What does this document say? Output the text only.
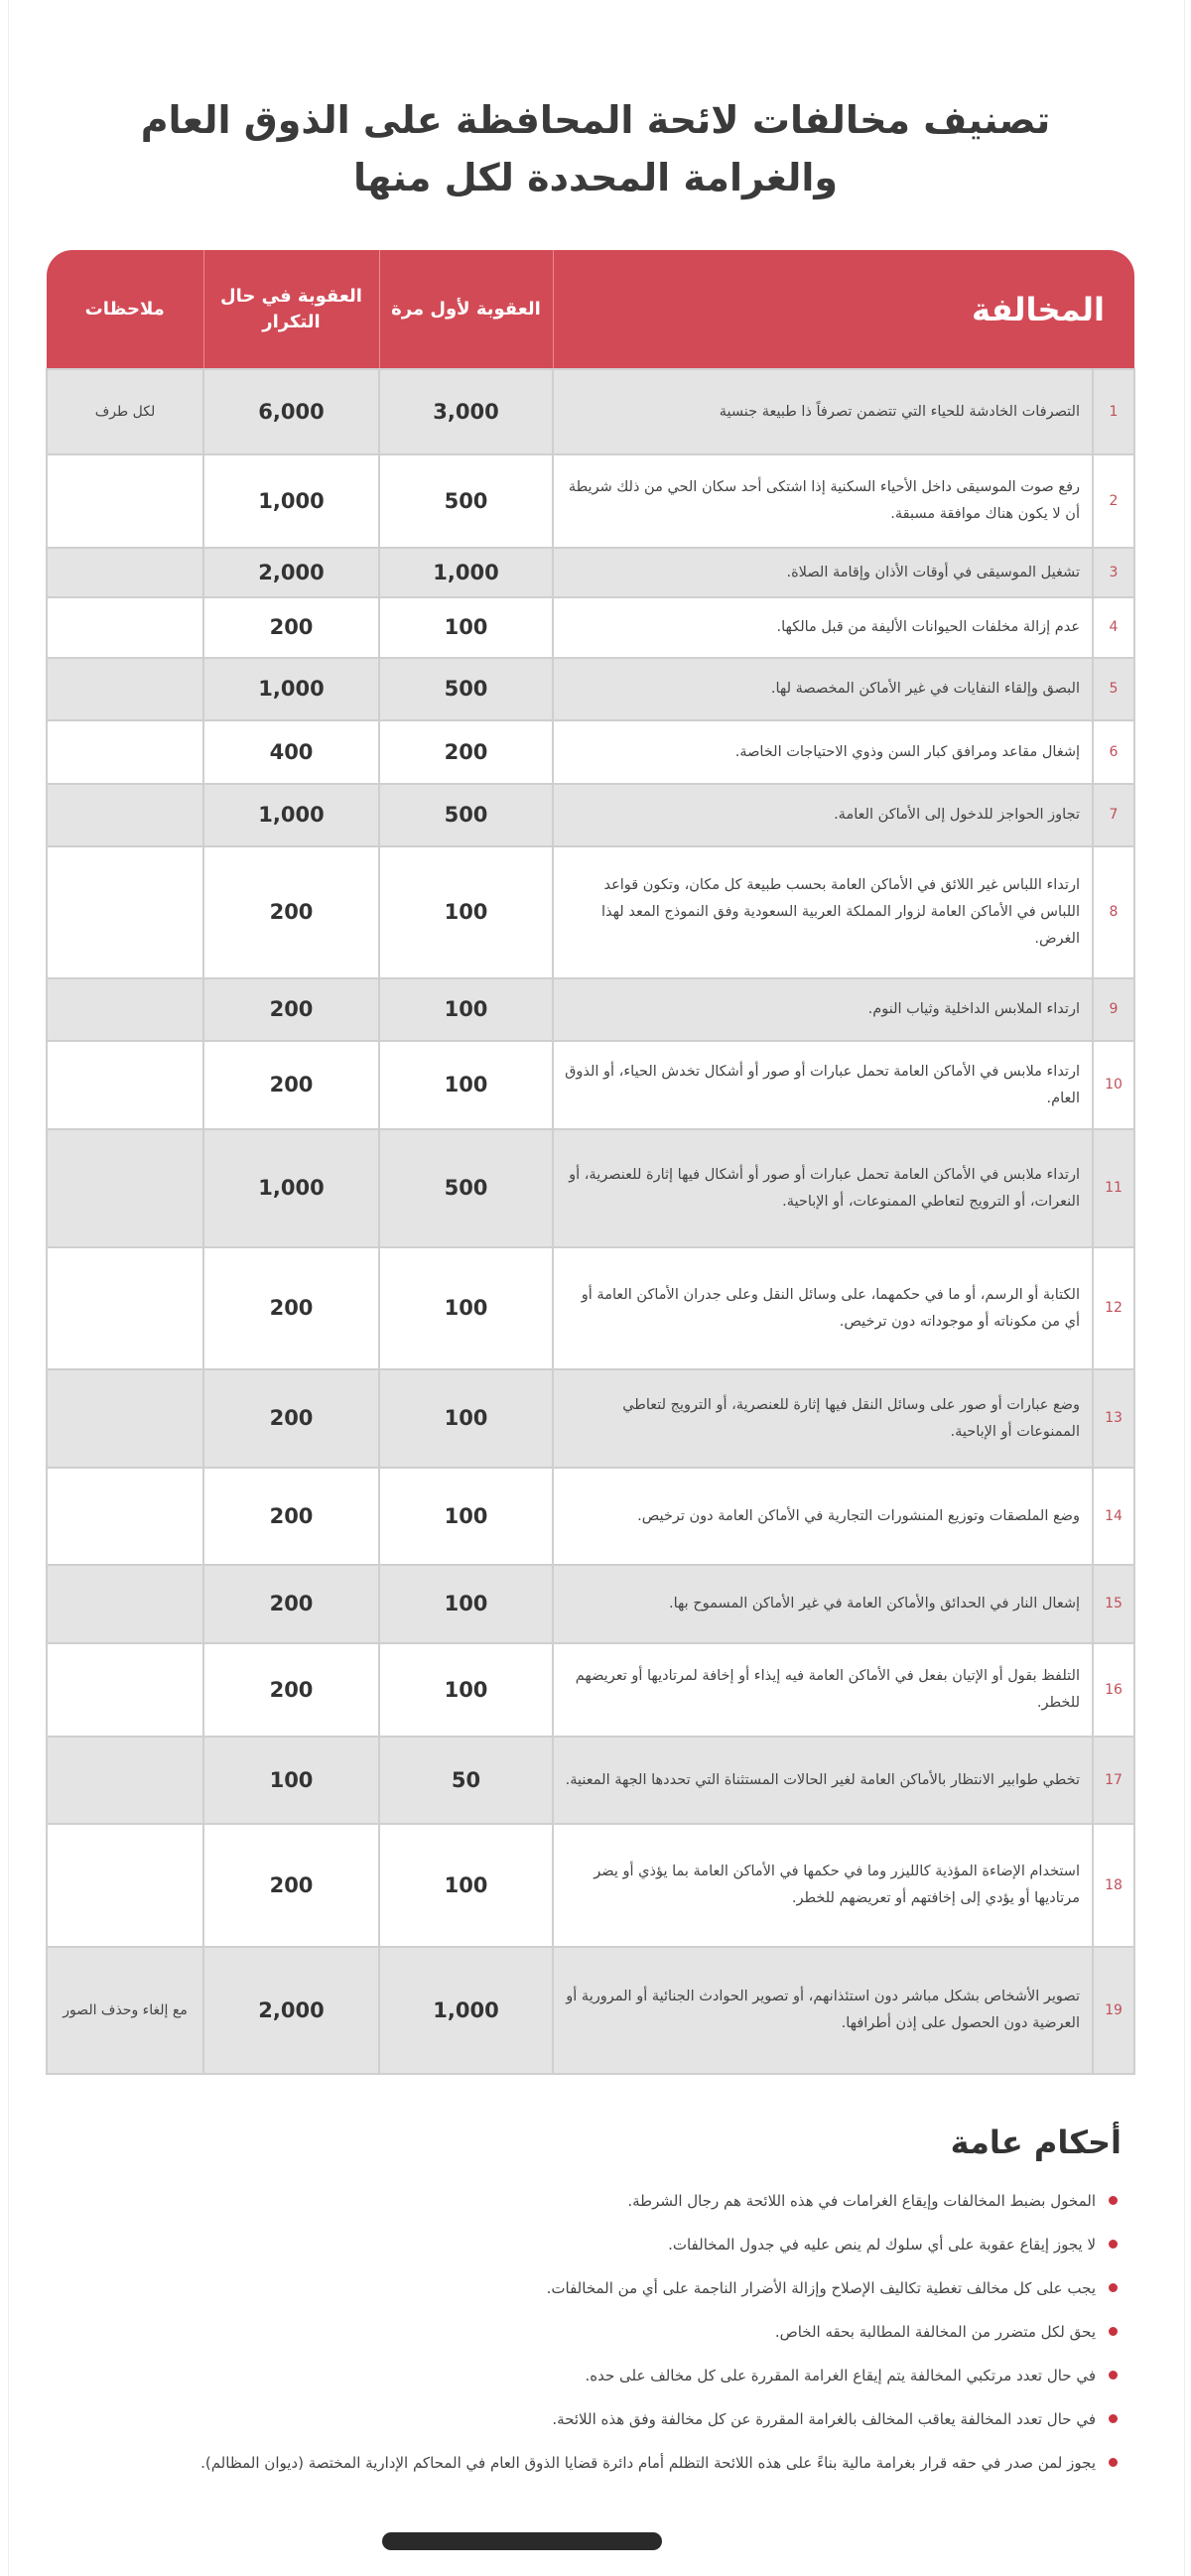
تصنيف مخالفات لائحة المحافظة على الذوق العام
والغرامة المحددة لكل منها
المخالفة		العقوبة لأول مرة	العقوبة في حال التكرار	ملاحظات
1	التصرفات الخادشة للحياء التي تتضمن تصرفاً ذا طبيعة جنسية	3,000	6,000	لكل طرف
2	رفع صوت الموسيقى داخل الأحياء السكنية إذا اشتكى أحد سكان الحي من ذلك شريطة أن لا يكون هناك موافقة مسبقة.	500	1,000	
3	تشغيل الموسيقى في أوقات الأذان وإقامة الصلاة.	1,000	2,000	
4	عدم إزالة مخلفات الحيوانات الأليفة من قبل مالكها.	100	200	
5	البصق وإلقاء النفايات في غير الأماكن المخصصة لها.	500	1,000	
6	إشغال مقاعد ومرافق كبار السن وذوي الاحتياجات الخاصة.	200	400	
7	تجاوز الحواجز للدخول إلى الأماكن العامة.	500	1,000	
8	ارتداء اللباس غير اللائق في الأماكن العامة بحسب طبيعة كل مكان، وتكون قواعد اللباس في الأماكن العامة لزوار المملكة العربية السعودية وفق النموذج المعد لهذا الغرض.	100	200	
9	ارتداء الملابس الداخلية وثياب النوم.	100	200	
10	ارتداء ملابس في الأماكن العامة تحمل عبارات أو صور أو أشكال تخدش الحياء، أو الذوق العام.	100	200	
11	ارتداء ملابس في الأماكن العامة تحمل عبارات أو صور أو أشكال فيها إثارة للعنصرية، أو النعرات، أو الترويج لتعاطي الممنوعات، أو الإباحية.	500	1,000	
12	الكتابة أو الرسم، أو ما في حكمهما، على وسائل النقل وعلى جدران الأماكن العامة أو أي من مكوناته أو موجوداته دون ترخيص.	100	200	
13	وضع عبارات أو صور على وسائل النقل فيها إثارة للعنصرية، أو الترويج لتعاطي الممنوعات أو الإباحية.	100	200	
14	وضع الملصقات وتوزيع المنشورات التجارية في الأماكن العامة دون ترخيص.	100	200	
15	إشعال النار في الحدائق والأماكن العامة في غير الأماكن المسموح بها.	100	200	
16	التلفظ بقول أو الإتيان بفعل في الأماكن العامة فيه إيذاء أو إخافة لمرتاديها أو تعريضهم للخطر.	100	200	
17	تخطي طوابير الانتظار بالأماكن العامة لغير الحالات المستثناة التي تحددها الجهة المعنية.	50	100	
18	استخدام الإضاءة المؤذية كالليزر وما في حكمها في الأماكن العامة بما يؤذي أو يضر مرتاديها أو يؤدي إلى إخافتهم أو تعريضهم للخطر.	100	200	
19	تصوير الأشخاص بشكل مباشر دون استئذانهم، أو تصوير الحوادث الجنائية أو المرورية أو العرضية دون الحصول على إذن أطرافها.	1,000	2,000	مع إلغاء وحذف الصور
أحكام عامة
المخول بضبط المخالفات وإيقاع الغرامات في هذه اللائحة هم رجال الشرطة.
لا يجوز إيقاع عقوبة على أي سلوك لم ينص عليه في جدول المخالفات.
يجب على كل مخالف تغطية تكاليف الإصلاح وإزالة الأضرار الناجمة على أي من المخالفات.
يحق لكل متضرر من المخالفة المطالبة بحقه الخاص.
في حال تعدد مرتكبي المخالفة يتم إيقاع الغرامة المقررة على كل مخالف على حده.
في حال تعدد المخالفة يعاقب المخالف بالغرامة المقررة عن كل مخالفة وفق هذه اللائحة.
يجوز لمن صدر في حقه قرار بغرامة مالية بناءً على هذه اللائحة التظلم أمام دائرة قضايا الذوق العام في المحاكم الإدارية المختصة (ديوان المظالم).
